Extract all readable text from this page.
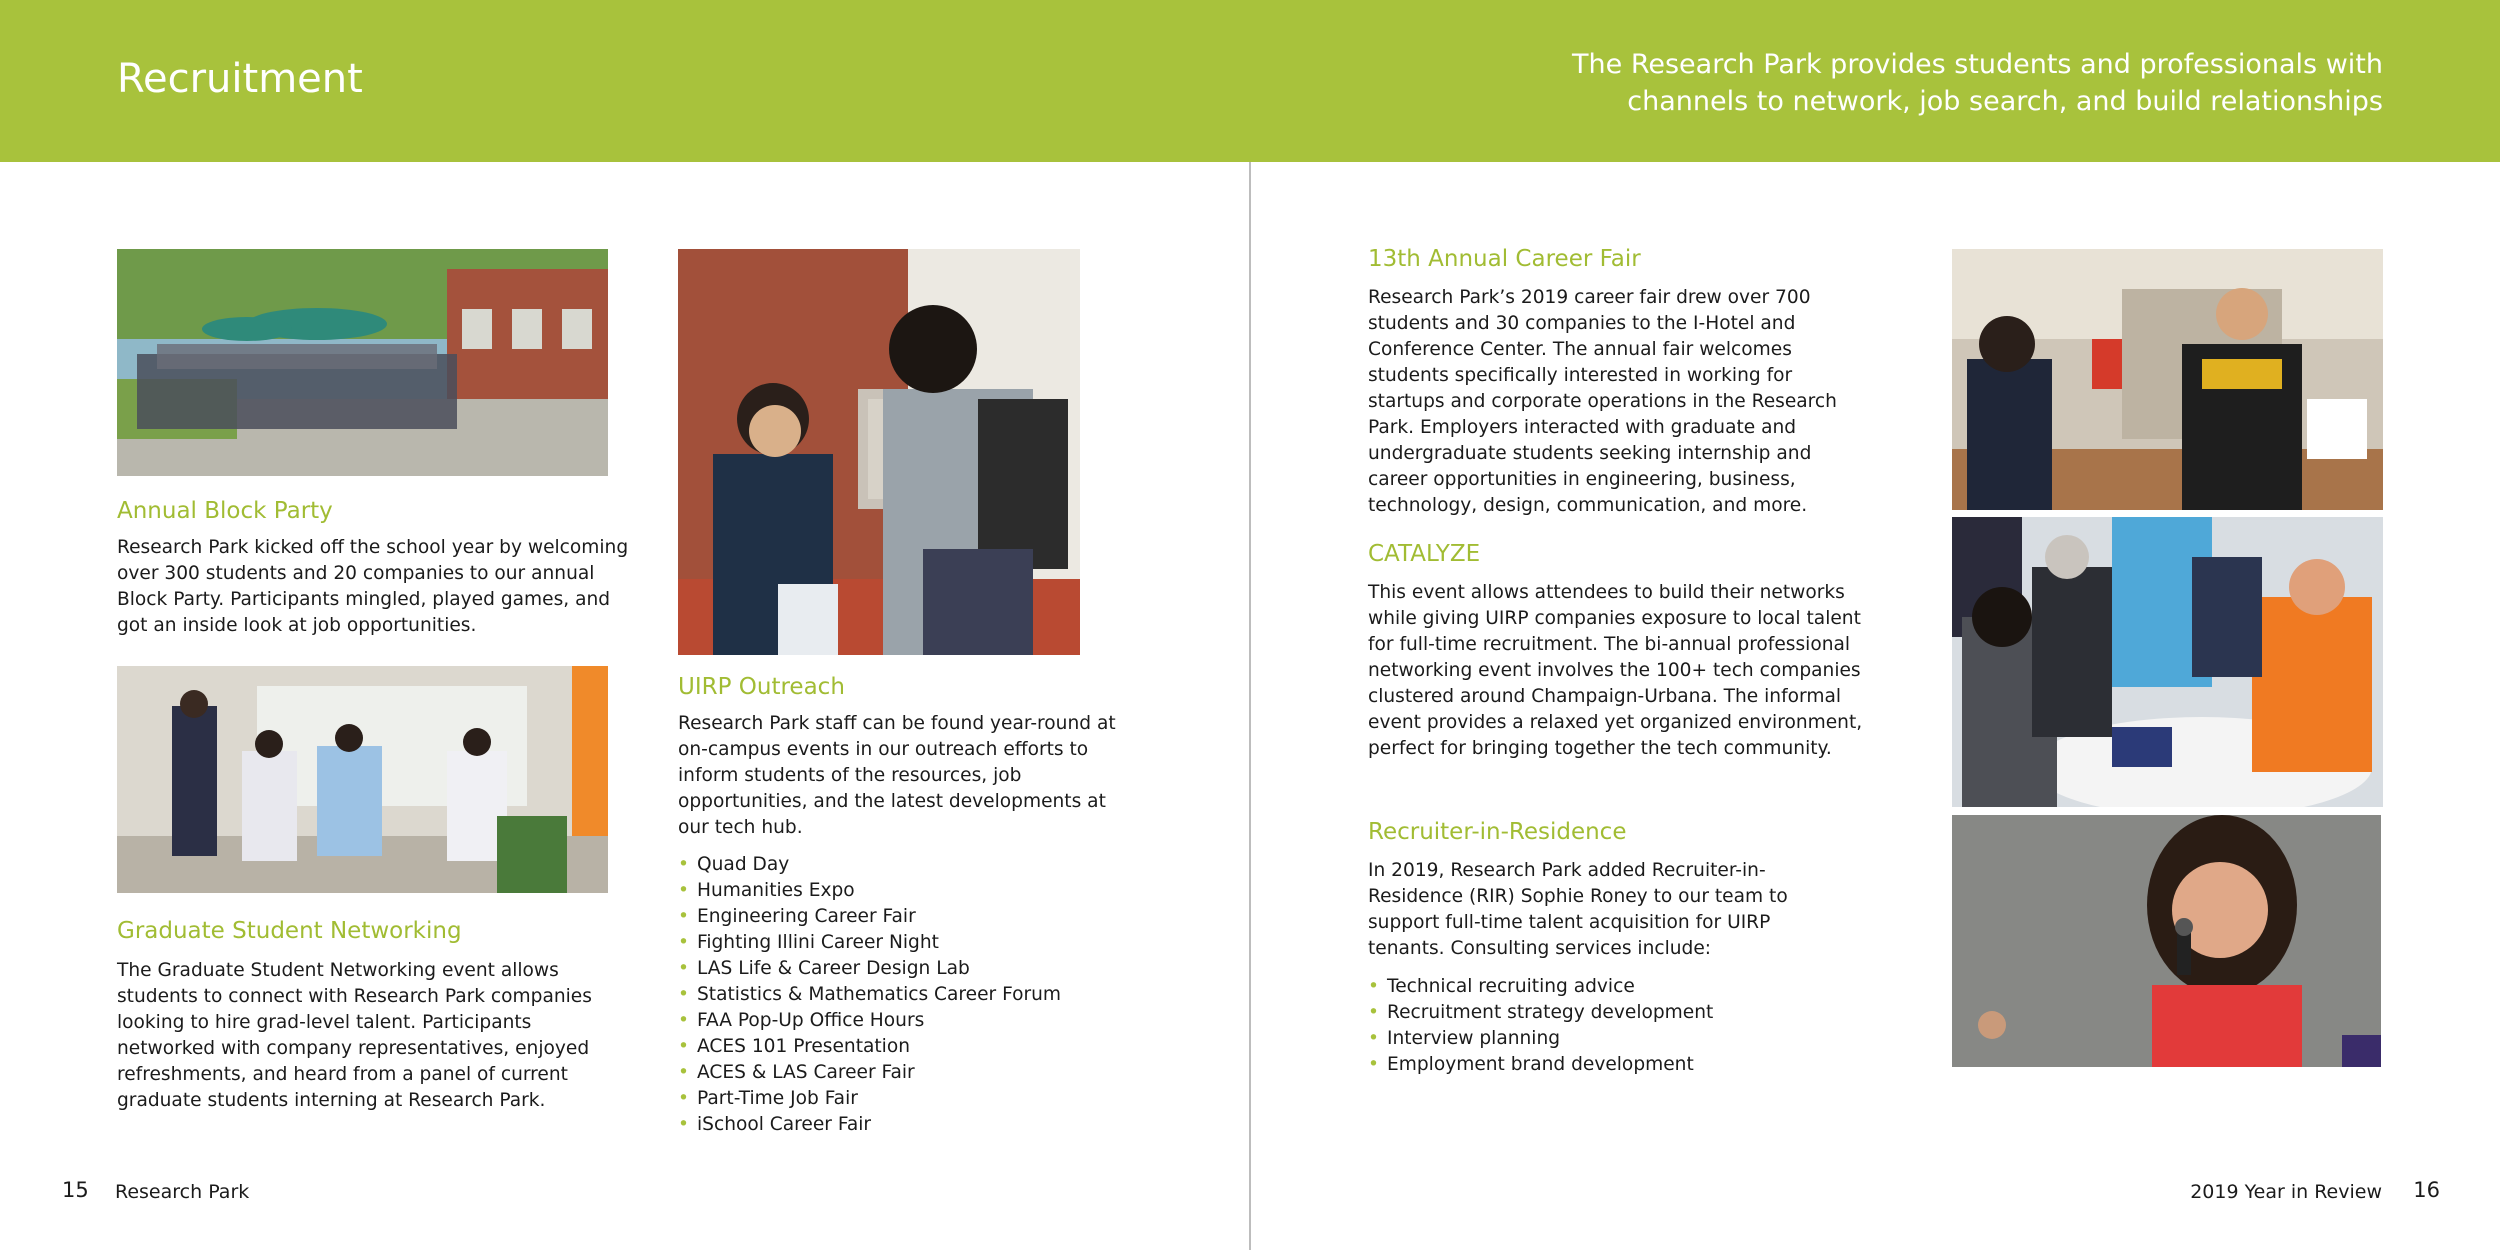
Recruitment	The Research Park provides students and professionals with
channels to network, job search, and build relationships
Annual Block Party

Research Park kicked off the school year by welcoming over 300 students and 20 companies to our annual Block Party. Participants mingled, played games, and got an inside look at job opportunities.

Graduate Student Networking

The Graduate Student Networking event allows students to connect with Research Park companies looking to hire grad-level talent. Participants networked with company representatives, enjoyed refreshments, and heard from a panel of current graduate students interning at Research Park.

UIRP Outreach

Research Park staff can be found year-round at on-campus events in our outreach efforts to inform students of the resources, job opportunities, and the latest developments at our tech hub.

• Quad Day
• Humanities Expo
• Engineering Career Fair
• Fighting Illini Career Night
• LAS Life & Career Design Lab
• Statistics & Mathematics Career Forum
• FAA Pop-Up Office Hours
• ACES 101 Presentation
• ACES & LAS Career Fair
• Part-Time Job Fair
• iSchool Career Fair
13th Annual Career Fair

Research Park’s 2019 career fair drew over 700 students and 30 companies to the I-Hotel and Conference Center. The annual fair welcomes students specifically interested in working for startups and corporate operations in the Research Park. Employers interacted with graduate and undergraduate students seeking internship and career opportunities in engineering, business, technology, design, communication, and more.

CATALYZE

This event allows attendees to build their networks while giving UIRP companies exposure to local talent for full-time recruitment. The bi-annual professional networking event involves the 100+ tech companies clustered around Champaign-Urbana. The informal event provides a relaxed yet organized environment, perfect for bringing together the tech community.

Recruiter-in-Residence

In 2019, Research Park added Recruiter-in-Residence (RIR) Sophie Roney to our team to support full-time talent acquisition for UIRP tenants. Consulting services include:

• Technical recruiting advice
• Recruitment strategy development
• Interview planning
• Employment brand development
15 Research Park	2019 Year in Review 16
